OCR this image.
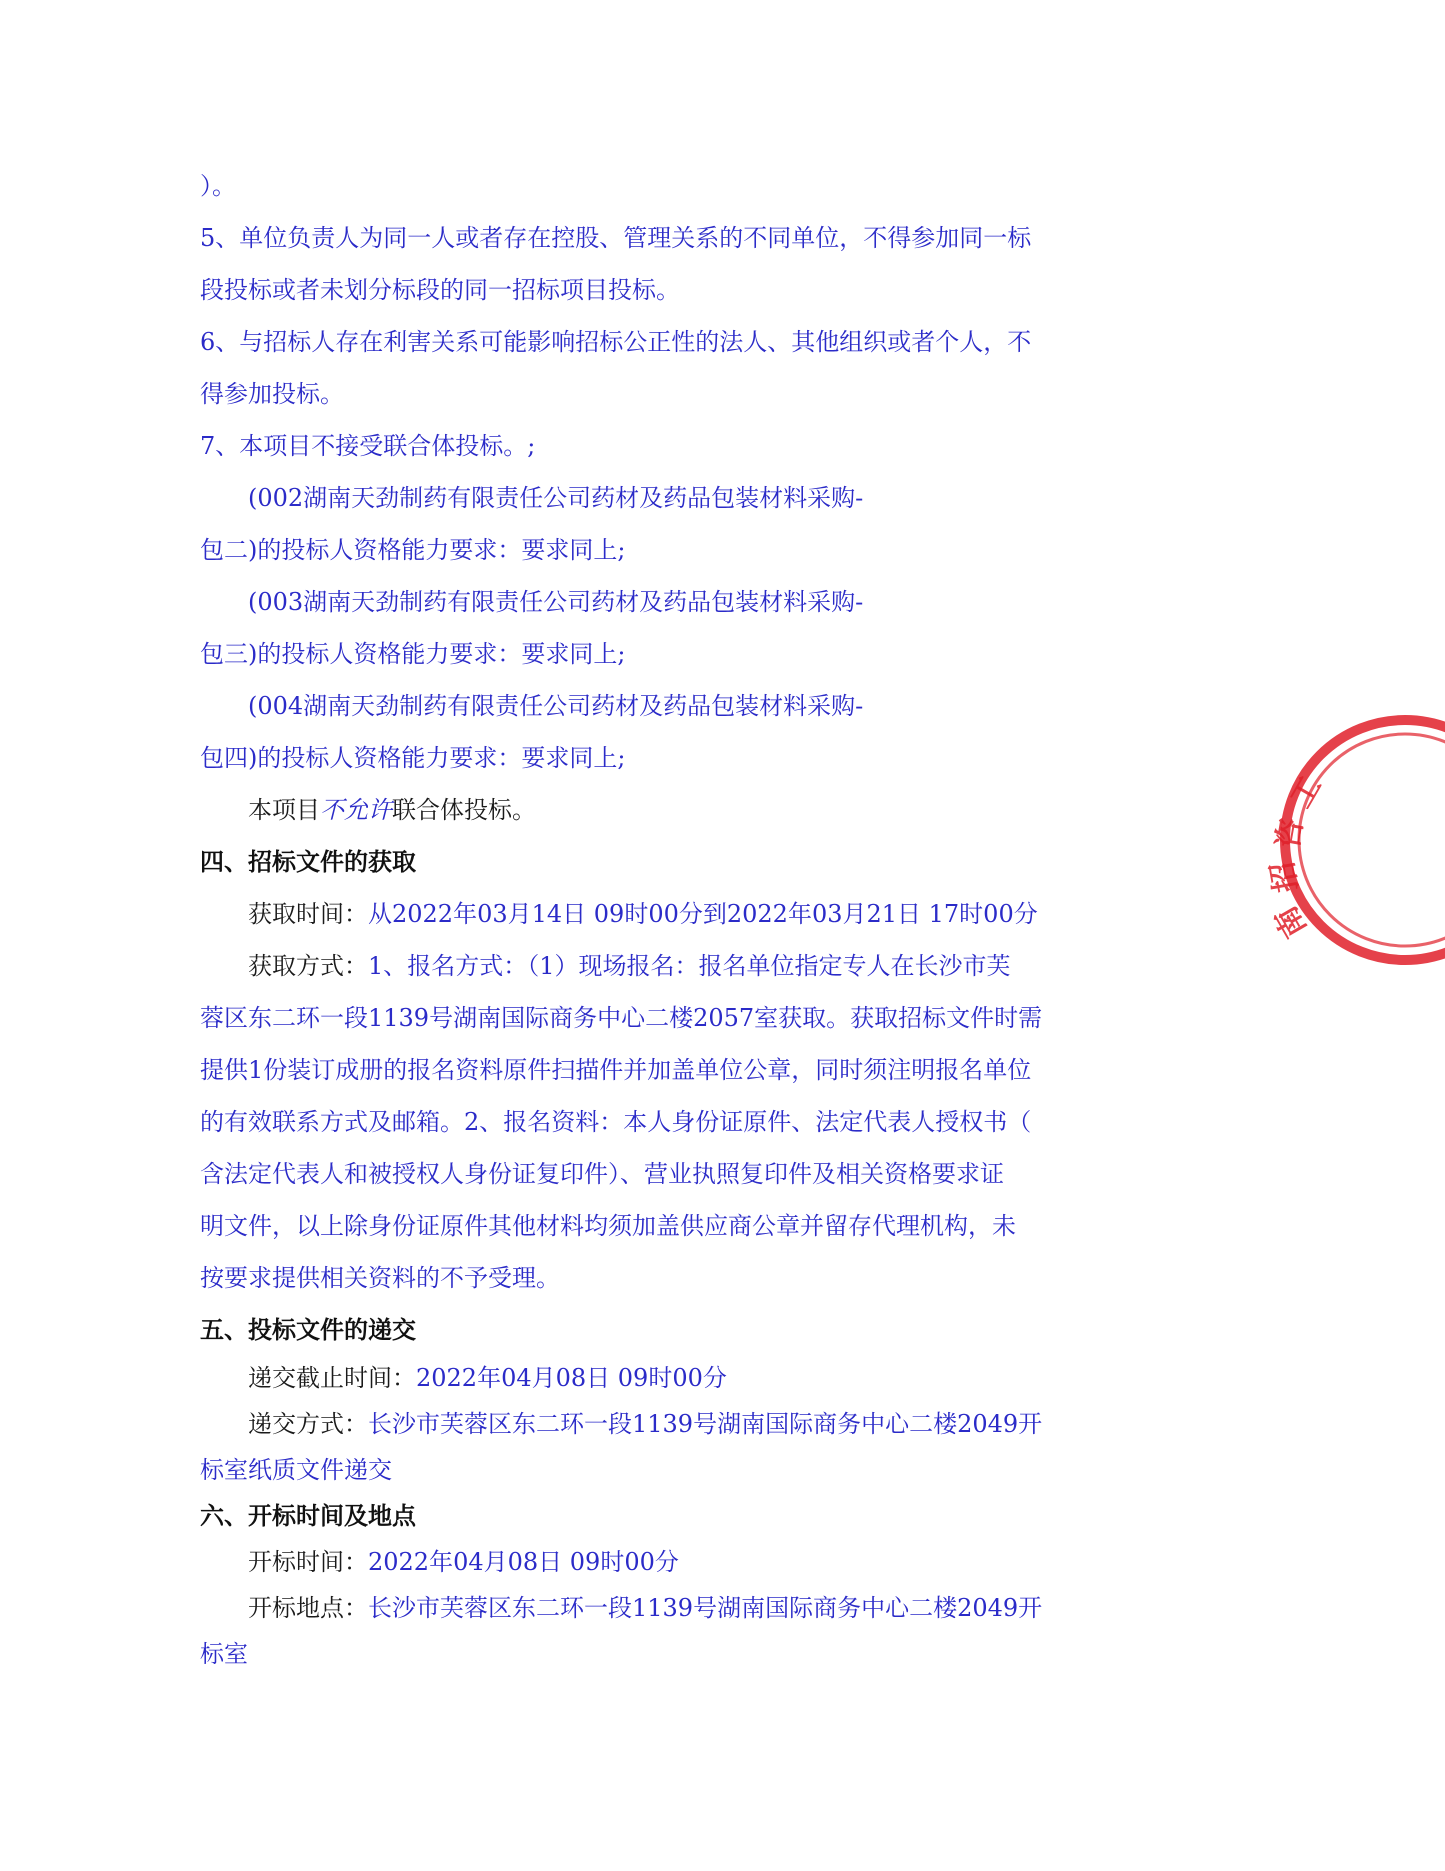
）。
5、单位负责人为同一人或者存在控股、管理关系的不同单位，不得参加同一标
段投标或者未划分标段的同一招标项目投标。
6、与招标人存在利害关系可能影响招标公正性的法人、其他组织或者个人，不
得参加投标。
7、本项目不接受联合体投标。;
(002湖南天劲制药有限责任公司药材及药品包装材料采购-
包二)的投标人资格能力要求：要求同上;
(003湖南天劲制药有限责任公司药材及药品包装材料采购-
包三)的投标人资格能力要求：要求同上;
(004湖南天劲制药有限责任公司药材及药品包装材料采购-
包四)的投标人资格能力要求：要求同上;
本项目不允许联合体投标。
四、招标文件的获取
获取时间：从2022年03月14日 09时00分到2022年03月21日 17时00分
获取方式：1、报名方式：（1）现场报名：报名单位指定专人在长沙市芙
蓉区东二环一段1139号湖南国际商务中心二楼2057室获取。获取招标文件时需
提供1份装订成册的报名资料原件扫描件并加盖单位公章，同时须注明报名单位
的有效联系方式及邮箱。2、报名资料：本人身份证原件、法定代表人授权书（
含法定代表人和被授权人身份证复印件）、营业执照复印件及相关资格要求证
明文件，以上除身份证原件其他材料均须加盖供应商公章并留存代理机构，未
按要求提供相关资料的不予受理。
五、投标文件的递交
递交截止时间：2022年04月08日 09时00分
递交方式：长沙市芙蓉区东二环一段1139号湖南国际商务中心二楼2049开
标室纸质文件递交
六、开标时间及地点
开标时间：2022年04月08日 09时00分
开标地点：长沙市芙蓉区东二环一段1139号湖南国际商务中心二楼2049开
标室
工
咨
招
南
